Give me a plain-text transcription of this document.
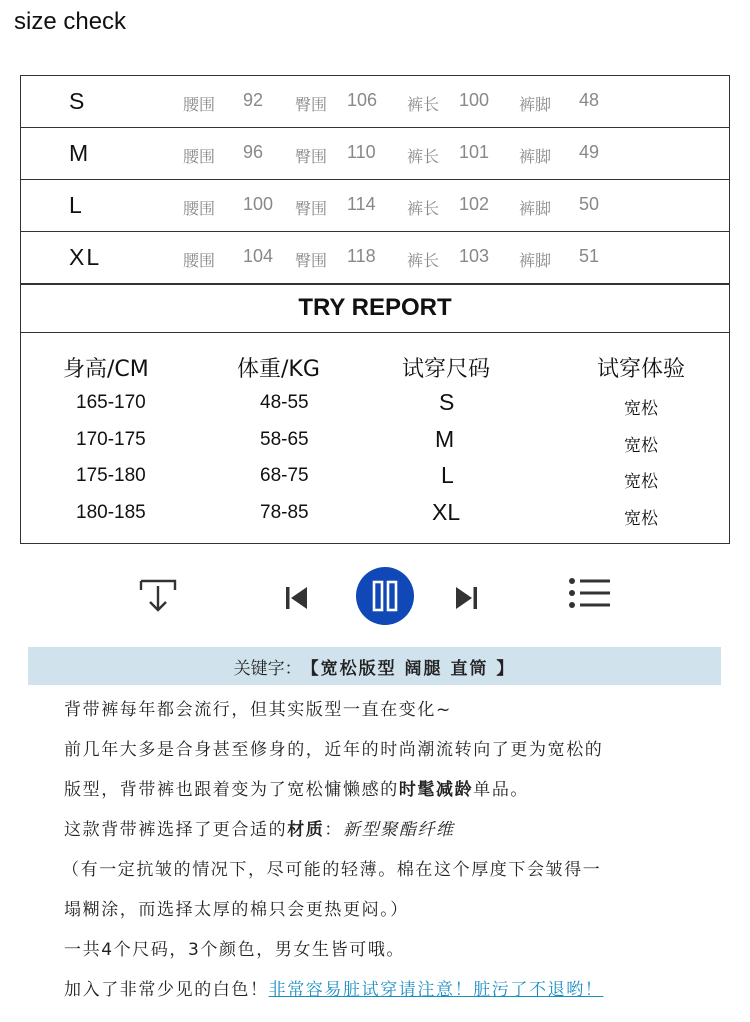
size check
S	腰围 92 臀围 106 裤长 100 裤脚 48
M	腰围 96 臀围 110 裤长 101 裤脚 49
L	腰围 100 臀围 114 裤长 102 裤脚 50
XL	腰围 104 臀围 118 裤长 103 裤脚 51
TRY REPORT
身高/CM	体重/KG	试穿尺码	试穿体验
165-170	48-55	S	宽松
170-175	58-65	M	宽松
175-180	68-75	L	宽松
180-185	78-85	XL	宽松
关键字： 【宽松版型 阔腿 直筒 】
背带裤每年都会流行，但其实版型一直在变化~
前几年大多是合身甚至修身的，近年的时尚潮流转向了更为宽松的
版型，背带裤也跟着变为了宽松慵懒感的时髦减龄单品。
这款背带裤选择了更合适的材质：新型聚酯纤维
（有一定抗皱的情况下，尽可能的轻薄。棉在这个厚度下会皱得一
塌糊涂，而选择太厚的棉只会更热更闷。）
一共4个尺码，3个颜色，男女生皆可哦。
加入了非常少见的白色！非常容易脏试穿请注意！脏污了不退哟！
